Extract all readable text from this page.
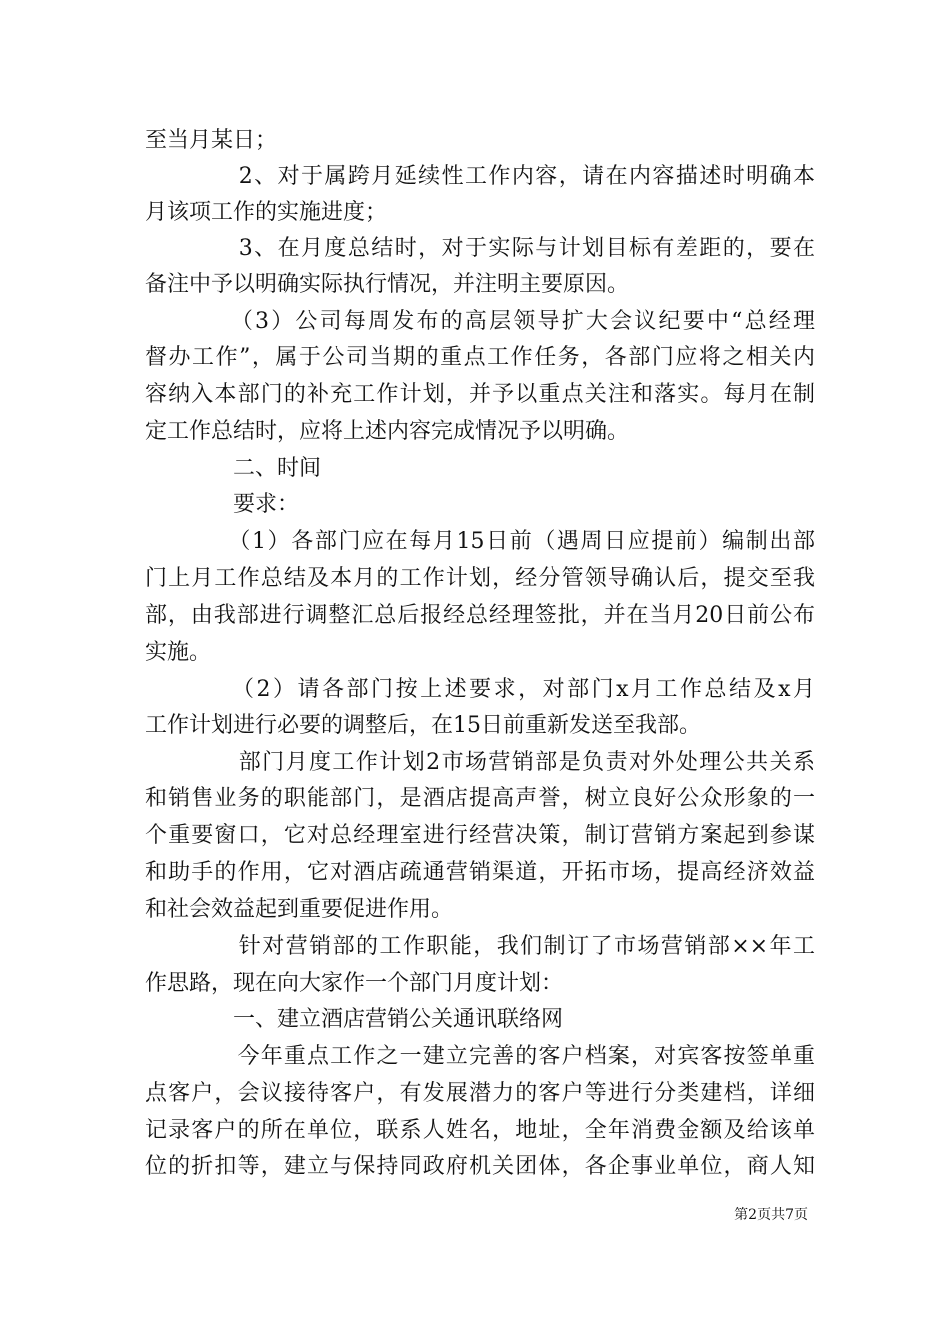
至当月某日；
　　　　2、对于属跨月延续性工作内容，请在内容描述时明确本
月该项工作的实施进度；
　　　　3、在月度总结时，对于实际与计划目标有差距的，要在
备注中予以明确实际执行情况，并注明主要原因。
　　　　（3）公司每周发布的高层领导扩大会议纪要中“总经理
督办工作”，属于公司当期的重点工作任务，各部门应将之相关内
容纳入本部门的补充工作计划，并予以重点关注和落实。每月在制
定工作总结时，应将上述内容完成情况予以明确。
　　　　二、时间
　　　　要求：
　　　　（1）各部门应在每月15日前（遇周日应提前）编制出部
门上月工作总结及本月的工作计划，经分管领导确认后，提交至我
部，由我部进行调整汇总后报经总经理签批，并在当月20日前公布
实施。
　　　　（2）请各部门按上述要求，对部门x月工作总结及x月
工作计划进行必要的调整后，在15日前重新发送至我部。
　　　　部门月度工作计划2市场营销部是负责对外处理公共关系
和销售业务的职能部门，是酒店提高声誉，树立良好公众形象的一
个重要窗口，它对总经理室进行经营决策，制订营销方案起到参谋
和助手的作用，它对酒店疏通营销渠道，开拓市场，提高经济效益
和社会效益起到重要促进作用。
　　　　针对营销部的工作职能，我们制订了市场营销部××年工
作思路，现在向大家作一个部门月度计划：
　　　　一、建立酒店营销公关通讯联络网
　　　　今年重点工作之一建立完善的客户档案，对宾客按签单重
点客户，会议接待客户，有发展潜力的客户等进行分类建档，详细
记录客户的所在单位，联系人姓名，地址，全年消费金额及给该单
位的折扣等，建立与保持同政府机关团体，各企事业单位，商人知
第2页共7页
